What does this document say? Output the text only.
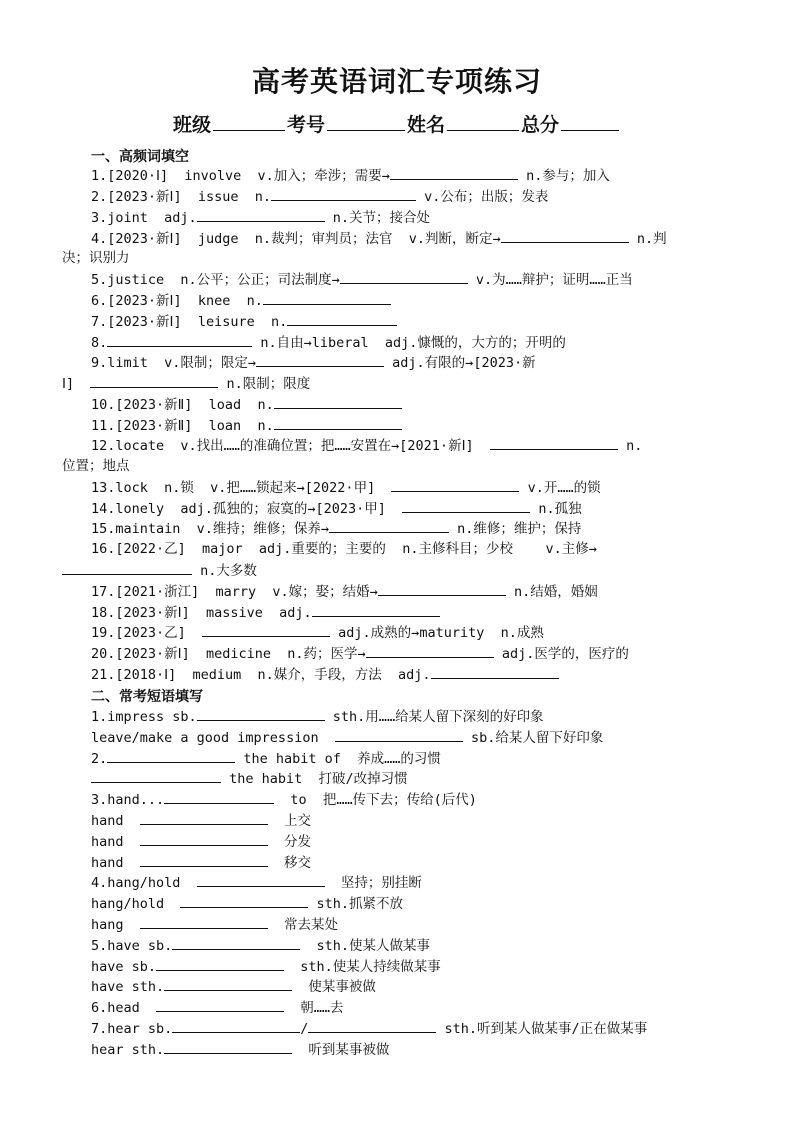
高考英语词汇专项练习
班级	考号	姓名	总分
一、高频词填空
1.[2020·Ⅰ]  involve  v.加入；牵涉；需要→	n.参与；加入
2.[2023·新Ⅰ]  issue  n.	v.公布；出版；发表
3.joint  adj.	n.关节；接合处
4.[2023·新Ⅰ]  judge  n.裁判；审判员；法官  v.判断，断定→	n.判
决；识别力
5.justice  n.公平；公正；司法制度→	v.为……辩护；证明……正当
6.[2023·新Ⅰ]  knee  n.
7.[2023·新Ⅰ]  leisure  n.
8.	n.自由→liberal  adj.慷慨的，大方的；开明的
9.limit  v.限制；限定→	adj.有限的→[2023·新
Ⅰ]	n.限制；限度
10.[2023·新Ⅱ]  load  n.
11.[2023·新Ⅱ]  loan  n.
12.locate  v.找出……的准确位置；把……安置在→[2021·新Ⅰ]	n.
位置；地点
13.lock  n.锁  v.把……锁起来→[2022·甲]	v.开……的锁
14.lonely  adj.孤独的；寂寞的→[2023·甲]	n.孤独
15.maintain  v.维持；维修；保养→	n.维修；维护；保持
16.[2022·乙]  major  adj.重要的；主要的  n.主修科目；少校    v.主修→
n.大多数
17.[2021·浙江]  marry  v.嫁；娶；结婚→	n.结婚，婚姻
18.[2023·新Ⅰ]  massive  adj.
19.[2023·乙]	adj.成熟的→maturity  n.成熟
20.[2023·新Ⅰ]  medicine  n.药；医学→	adj.医学的，医疗的
21.[2018·Ⅰ]  medium  n.媒介，手段，方法  adj.
二、常考短语填写
1.impress sb.	sth.用……给某人留下深刻的好印象
leave/make a good impression	sb.给某人留下好印象
2.	the habit of  养成……的习惯
the habit  打破/改掉习惯
3.hand...	to  把……传下去；传给(后代)
hand	上交
hand	分发
hand	移交
4.hang/hold	坚持；别挂断
hang/hold	sth.抓紧不放
hang	常去某处
5.have sb.	sth.使某人做某事
have sb.	sth.使某人持续做某事
have sth.	使某事被做
6.head	朝……去
7.hear sb.	/	sth.听到某人做某事/正在做某事
hear sth.	听到某事被做
